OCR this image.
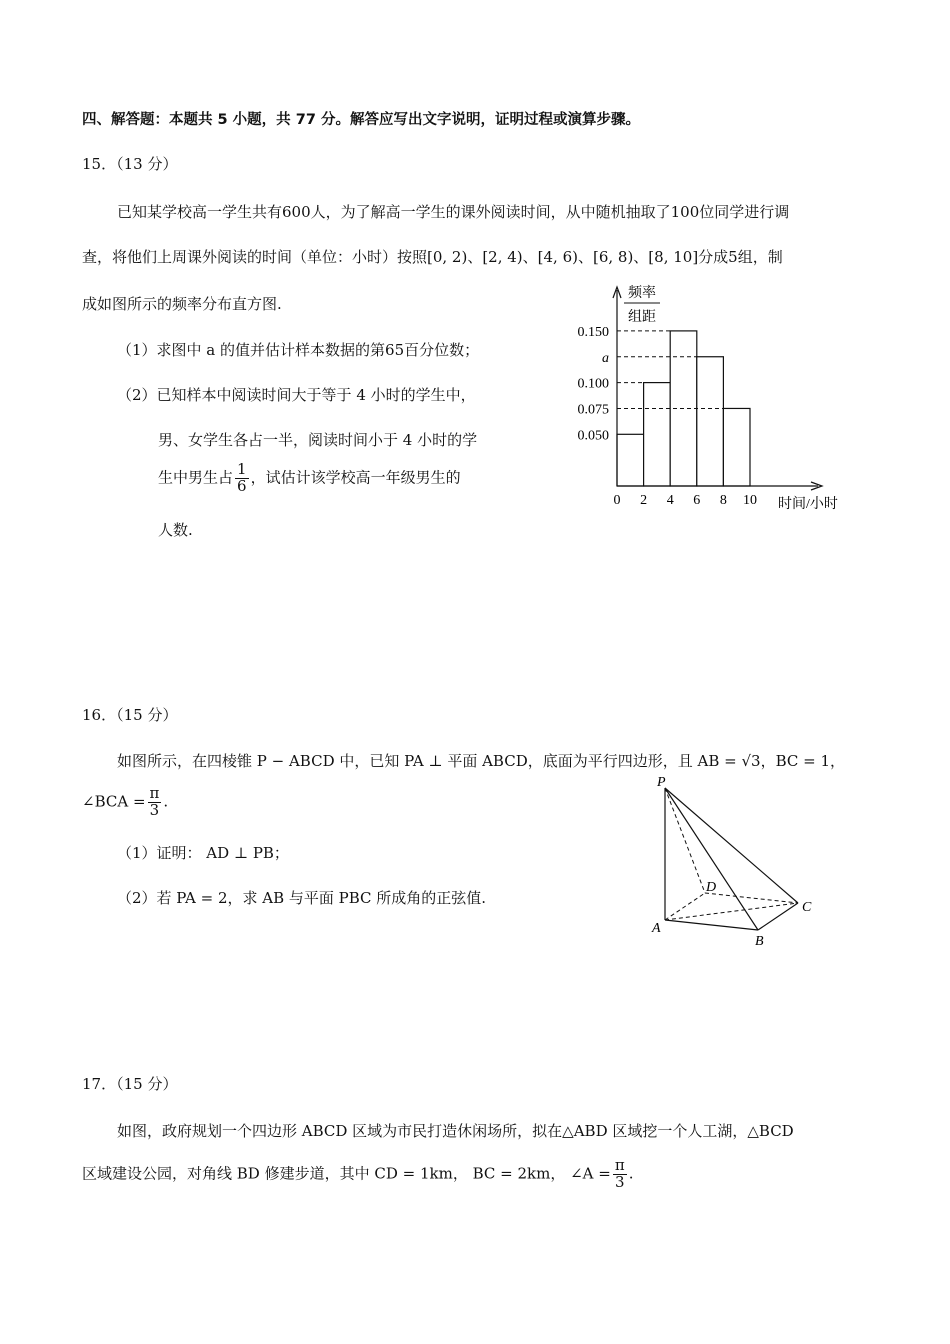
四、解答题：本题共 5 小题，共 77 分。解答应写出文字说明，证明过程或演算步骤。
15．（13 分）
已知某学校高一学生共有600人，为了解高一学生的课外阅读时间，从中随机抽取了100位同学进行调
查，将他们上周课外阅读的时间（单位：小时）按照[0, 2)、[2, 4)、[4, 6)、[6, 8)、[8, 10]分成5组，制
成如图所示的频率分布直方图.
（1）求图中 a 的值并估计样本数据的第65百分位数；
（2）已知样本中阅读时间大于等于 4 小时的学生中，
男、女学生各占一半，阅读时间小于 4 小时的学
生中男生占 $\frac{1}{6}$ ，试估计该学校高一年级男生的
人数.
0.150
a
0.100
0.075
0.050
0 2 4 6 8 10 时间/小时
频率
组距
16．（15 分）
如图所示，在四棱锥 P − ABCD 中，已知 PA ⊥ 平面 ABCD，底面为平行四边形，且 AB = √3，BC = 1，
∠BCA = $\frac{\pi}{3}$ .
（1）证明： AD ⊥ PB；
（2）若 PA = 2，求 AB 与平面 PBC 所成角的正弦值.
P
A
B
C
D
17．（15 分）
如图，政府规划一个四边形 ABCD 区域为市民打造休闲场所，拟在△ABD 区域挖一个人工湖，△BCD
区域建设公园，对角线 BD 修建步道，其中 CD = 1km， BC = 2km， ∠A = $\frac{\pi}{3}$ .
